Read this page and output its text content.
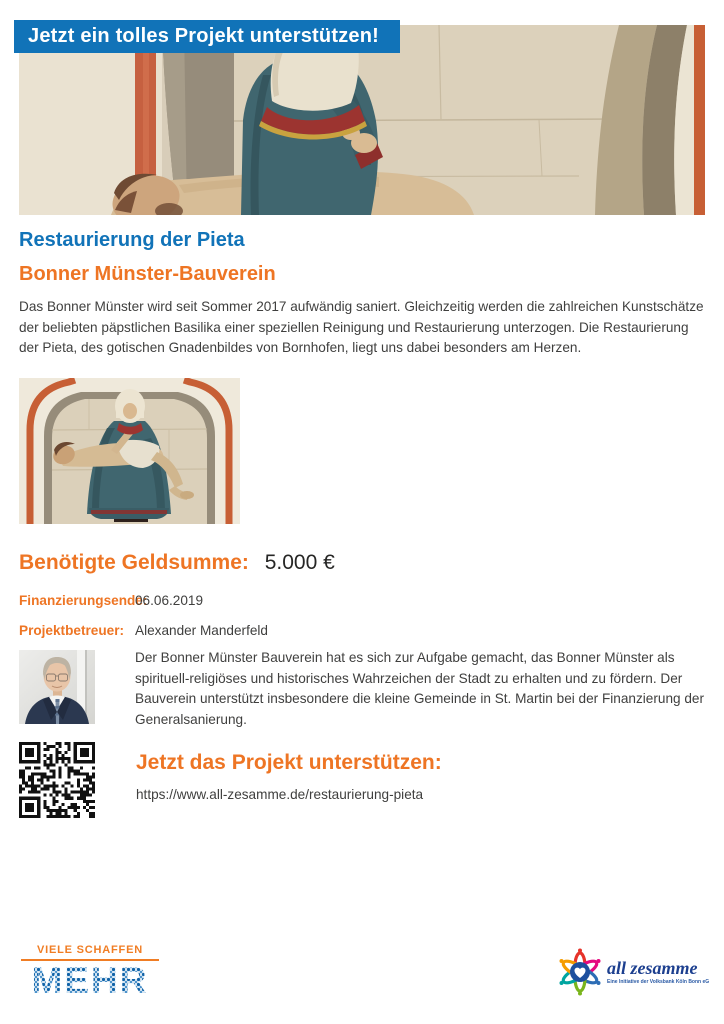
Jetzt ein tolles Projekt unterstützen!
Restaurierung der Pieta
Bonner Münster-Bauverein
Das Bonner Münster wird seit Sommer 2017 aufwändig saniert. Gleichzeitig werden die zahlreichen Kunstschätze der beliebten päpstlichen Basilika einer speziellen Reinigung und Restaurierung unterzogen. Die Restaurierung der Pieta, des gotischen Gnadenbildes von Bornhofen, liegt uns dabei besonders am Herzen.
Benötigte Geldsumme: 5.000 €
Finanzierungsende:
06.06.2019
Projektbetreuer: Alexander Manderfeld
Der Bonner Münster Bauverein hat es sich zur Aufgabe gemacht, das Bonner Münster als spirituell-religiöses und historisches Wahrzeichen der Stadt zu erhalten und zu fördern. Der Bauverein unterstützt insbesondere die kleine Gemeinde in St. Martin bei der Finanzierung der Generalsanierung.
Jetzt das Projekt unterstützen:
https://www.all-zesamme.de/restaurierung-pieta
VIELE SCHAFFEN
MEHR	all zesamme
Eine Initiative der Volksbank Köln Bonn eG
